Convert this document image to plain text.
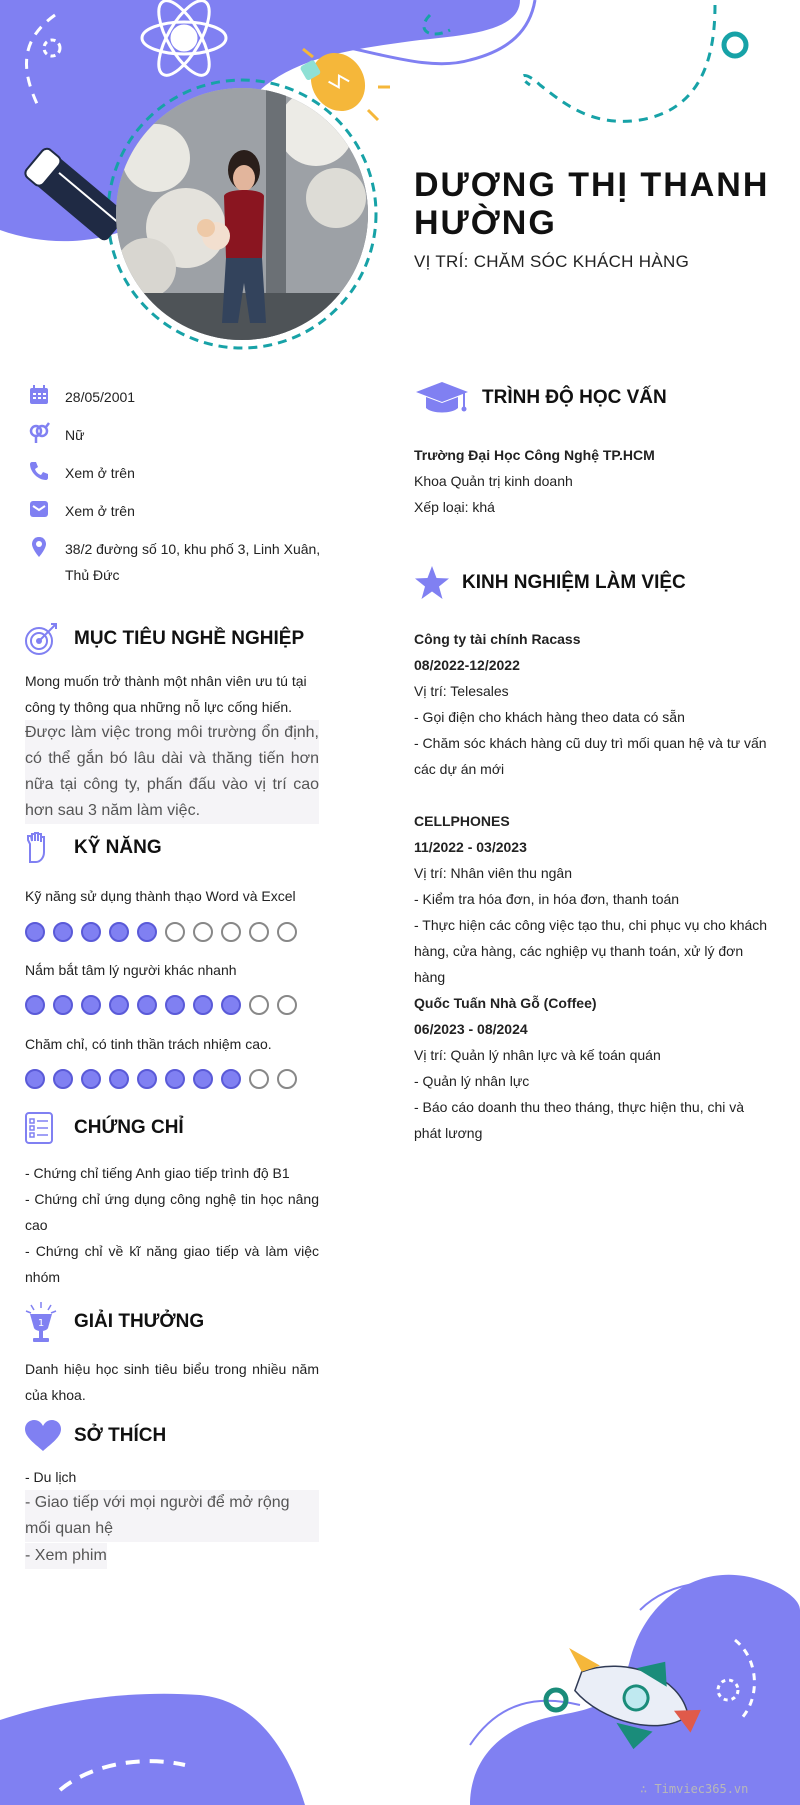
DƯƠNG THỊ THANH HƯỜNG
VỊ TRÍ: CHĂM SÓC KHÁCH HÀNG
28/05/2001
Nữ
Xem ở trên
Xem ở trên
38/2 đường số 10, khu phố 3, Linh Xuân, Thủ Đức
MỤC TIÊU NGHỀ NGHIỆP
Mong muốn trở thành một nhân viên ưu tú tại công ty thông qua những nỗ lực cống hiến.
Được làm việc trong môi trường ổn định, có thể gắn bó lâu dài và thăng tiến hơn nữa tại công ty, phấn đấu vào vị trí cao hơn sau 3 năm làm việc.
KỸ NĂNG
Kỹ năng sử dụng thành thạo Word và Excel
Nắm bắt tâm lý người khác nhanh
Chăm chỉ, có tinh thần trách nhiệm cao.
CHỨNG CHỈ
- Chứng chỉ tiếng Anh giao tiếp trình độ B1
- Chứng chỉ ứng dụng công nghệ tin học nâng cao
- Chứng chỉ về kĩ năng giao tiếp và làm việc nhóm
1 GIẢI THƯỞNG
Danh hiệu học sinh tiêu biểu trong nhiều năm của khoa.
SỞ THÍCH
- Du lịch
- Giao tiếp với mọi người để mở rộng mối quan hệ
- Xem phim
TRÌNH ĐỘ HỌC VẤN
Trường Đại Học Công Nghệ TP.HCM
Khoa Quản trị kinh doanh
Xếp loại: khá
KINH NGHIỆM LÀM VIỆC
Công ty tài chính Racass
08/2022-12/2022
Vị trí: Telesales
- Gọi điện cho khách hàng theo data có sẵn
- Chăm sóc khách hàng cũ duy trì mối quan hệ và tư vấn các dự án mới
CELLPHONES
11/2022 - 03/2023
Vị trí: Nhân viên thu ngân
- Kiểm tra hóa đơn, in hóa đơn, thanh toán
- Thực hiện các công việc tạo thu, chi phục vụ cho khách hàng, cửa hàng, các nghiệp vụ thanh toán, xử lý đơn hàng
Quốc Tuấn Nhà Gỗ (Coffee)
06/2023 - 08/2024
Vị trí: Quản lý nhân lực và kế toán quán
- Quản lý nhân lực
- Báo cáo doanh thu theo tháng, thực hiện thu, chi và phát lương
∴ Timviec365.vn
